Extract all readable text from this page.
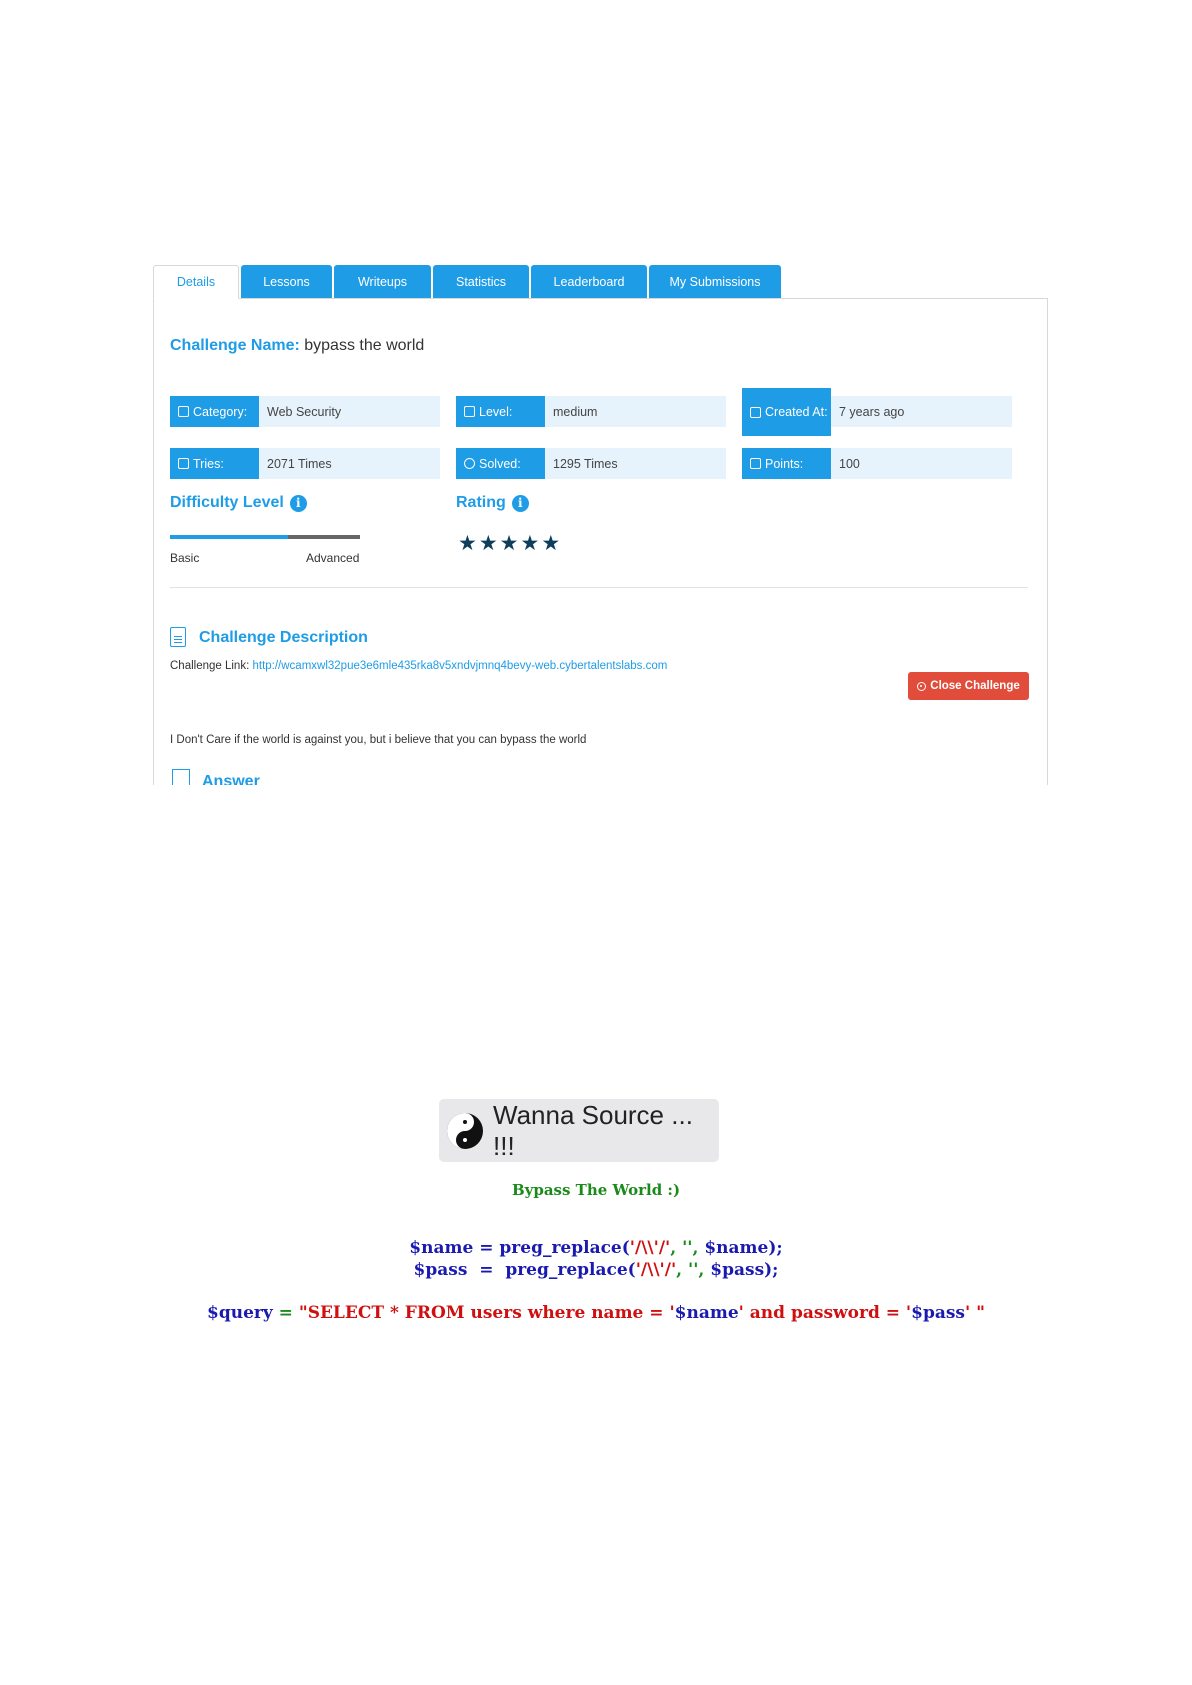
Details	Lessons	Writeups	Statistics	Leaderboard	My Submissions
Challenge Name: bypass the world
Category:	Web Security	Level:	medium	Created At: 7 years ago
Tries:	2071 Times	Solved:	1295 Times	Points:	100
Difficulty Level	i	Rating	i
Basic	Advanced
★ ★ ★ ★ ★
Challenge Description
Challenge Link: http://wcamxwl32pue3e6mle435rka8v5xndvjmnq4bevy-web.cybertalentslabs.com
Close Challenge
I Don't Care if the world is against you, but i believe that you can bypass the world
Answer
Wanna Source ... !!!
Bypass The World :)
$name = preg_replace('/\\'/', '', $name);
$pass  =  preg_replace('/\\'/', '', $pass);
$query = "SELECT * FROM users where name = '$name' and password = '$pass' "
